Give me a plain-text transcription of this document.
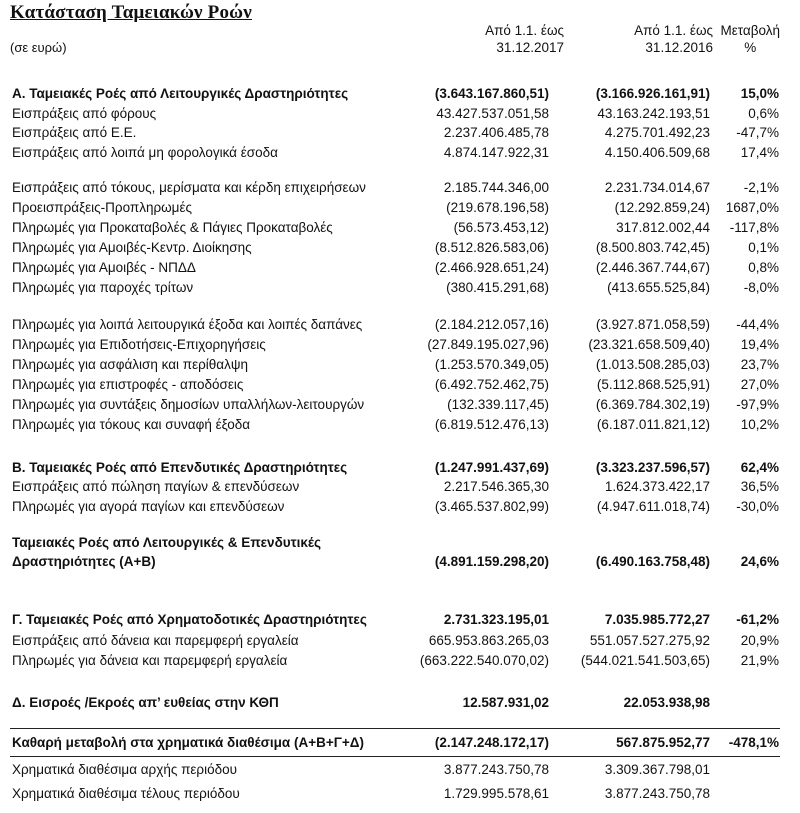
Κατάσταση Ταμειακών Ροών
(σε ευρώ)
Από 1.1. έως
31.12.2017
Από 1.1. έως
31.12.2016
Μεταβολή
%
Α. Ταμειακές Ροές από Λειτουργικές Δραστηριότητες	(3.643.167.860,51)	(3.166.926.161,91) 15,0%
Εισπράξεις από φόρους	43.427.537.051,58	43.163.242.193,51	0,6%
Εισπράξεις από Ε.Ε.	2.237.406.485,78	4.275.701.492,23 -47,7%
Εισπράξεις από λοιπά μη φορολογικά έσοδα	4.874.147.922,31	4.150.406.509,68 17,4%
Εισπράξεις από τόκους, μερίσματα και κέρδη επιχειρήσεων	2.185.744.346,00	2.231.734.014,67 -2,1%
Προεισπράξεις-Προπληρωμές	(219.678.196,58)	(12.292.859,24) 1687,0%
Πληρωμές για Προκαταβολές & Πάγιες Προκαταβολές	(56.573.453,12)	317.812.002,44 -117,8%
Πληρωμές για Αμοιβές-Κεντρ. Διοίκησης	(8.512.826.583,06)	(8.500.803.742,45)	0,1%
Πληρωμές για Αμοιβές - ΝΠΔΔ	(2.466.928.651,24)	(2.446.367.744,67)	0,8%
Πληρωμές για παροχές τρίτων	(380.415.291,68)	(413.655.525,84) -8,0%
Πληρωμές για λοιπά λειτουργικά έξοδα και λοιπές δαπάνες	(2.184.212.057,16)	(3.927.871.058,59) -44,4%
Πληρωμές για Επιδοτήσεις-Επιχορηγήσεις	(27.849.195.027,96)	(23.321.658.509,40) 19,4%
Πληρωμές για ασφάλιση και περίθαλψη	(1.253.570.349,05)	(1.013.508.285,03) 23,7%
Πληρωμές για επιστροφές - αποδόσεις	(6.492.752.462,75)	(5.112.868.525,91) 27,0%
Πληρωμές για συντάξεις δημοσίων υπαλλήλων-λειτουργών	(132.339.117,45)	(6.369.784.302,19) -97,9%
Πληρωμές για τόκους και συναφή έξοδα	(6.819.512.476,13)	(6.187.011.821,12) 10,2%
Β. Ταμειακές Ροές από Επενδυτικές Δραστηριότητες	(1.247.991.437,69)	(3.323.237.596,57) 62,4%
Εισπράξεις από πώληση παγίων & επενδύσεων	2.217.546.365,30	1.624.373.422,17 36,5%
Πληρωμές για αγορά παγίων και επενδύσεων	(3.465.537.802,99)	(4.947.611.018,74) -30,0%
Ταμειακές Ροές από Λειτουργικές & Επενδυτικές
Δραστηριότητες (Α+Β)	(4.891.159.298,20)	(6.490.163.758,48) 24,6%
Γ. Ταμειακές Ροές από Χρηματοδοτικές Δραστηριότητες	2.731.323.195,01	7.035.985.772,27 -61,2%
Εισπράξεις από δάνεια και παρεμφερή εργαλεία	665.953.863.265,03	551.057.527.275,92 20,9%
Πληρωμές για δάνεια και παρεμφερή εργαλεία	(663.222.540.070,02) (544.021.541.503,65) 21,9%
Δ. Εισροές /Εκροές απ’ ευθείας στην ΚΘΠ	12.587.931,02	22.053.938,98
Καθαρή μεταβολή στα χρηματικά διαθέσιμα (Α+Β+Γ+Δ)	(2.147.248.172,17)	567.875.952,77 -478,1%
Χρηματικά διαθέσιμα αρχής περιόδου	3.877.243.750,78	3.309.367.798,01
Χρηματικά διαθέσιμα τέλους περιόδου	1.729.995.578,61	3.877.243.750,78
